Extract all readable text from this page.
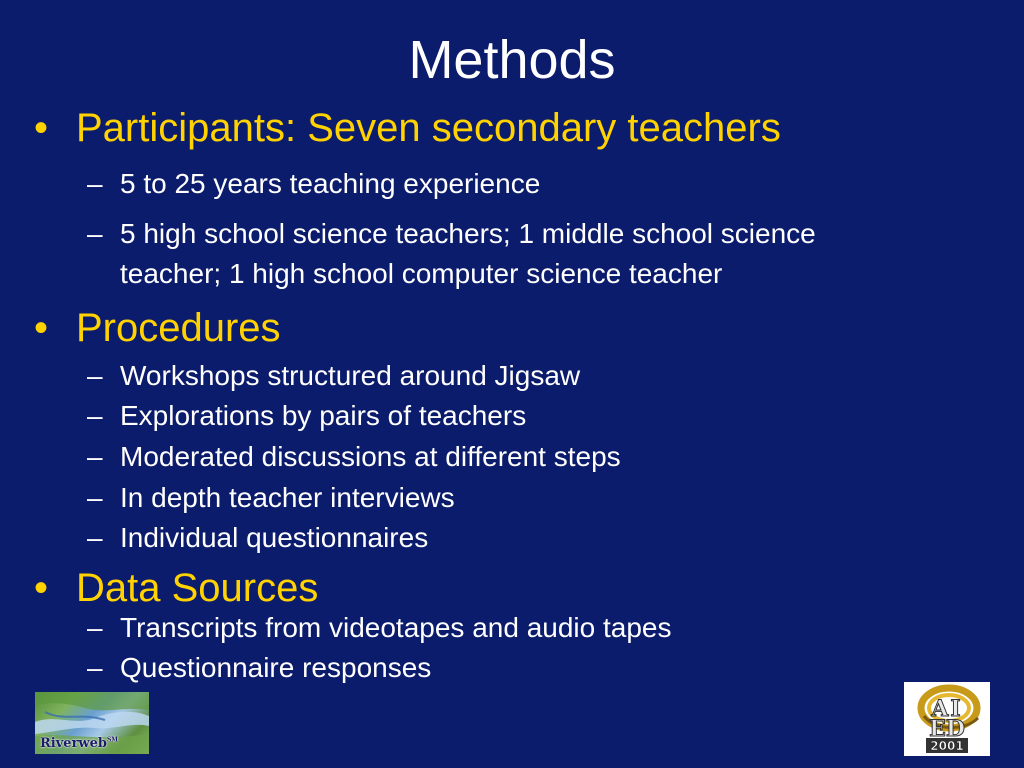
Methods
• Participants: Seven secondary teachers
– 5 to 25 years teaching experience
– 5 high school science teachers; 1 middle school science
teacher; 1 high school computer science teacher
• Procedures
– Workshops structured around Jigsaw
– Explorations by pairs of teachers
– Moderated discussions at different steps
– In depth teacher interviews
– Individual questionnaires
• Data Sources
– Transcripts from videotapes and audio tapes
– Questionnaire responses
Riverweb℠
AI
ED
2001
